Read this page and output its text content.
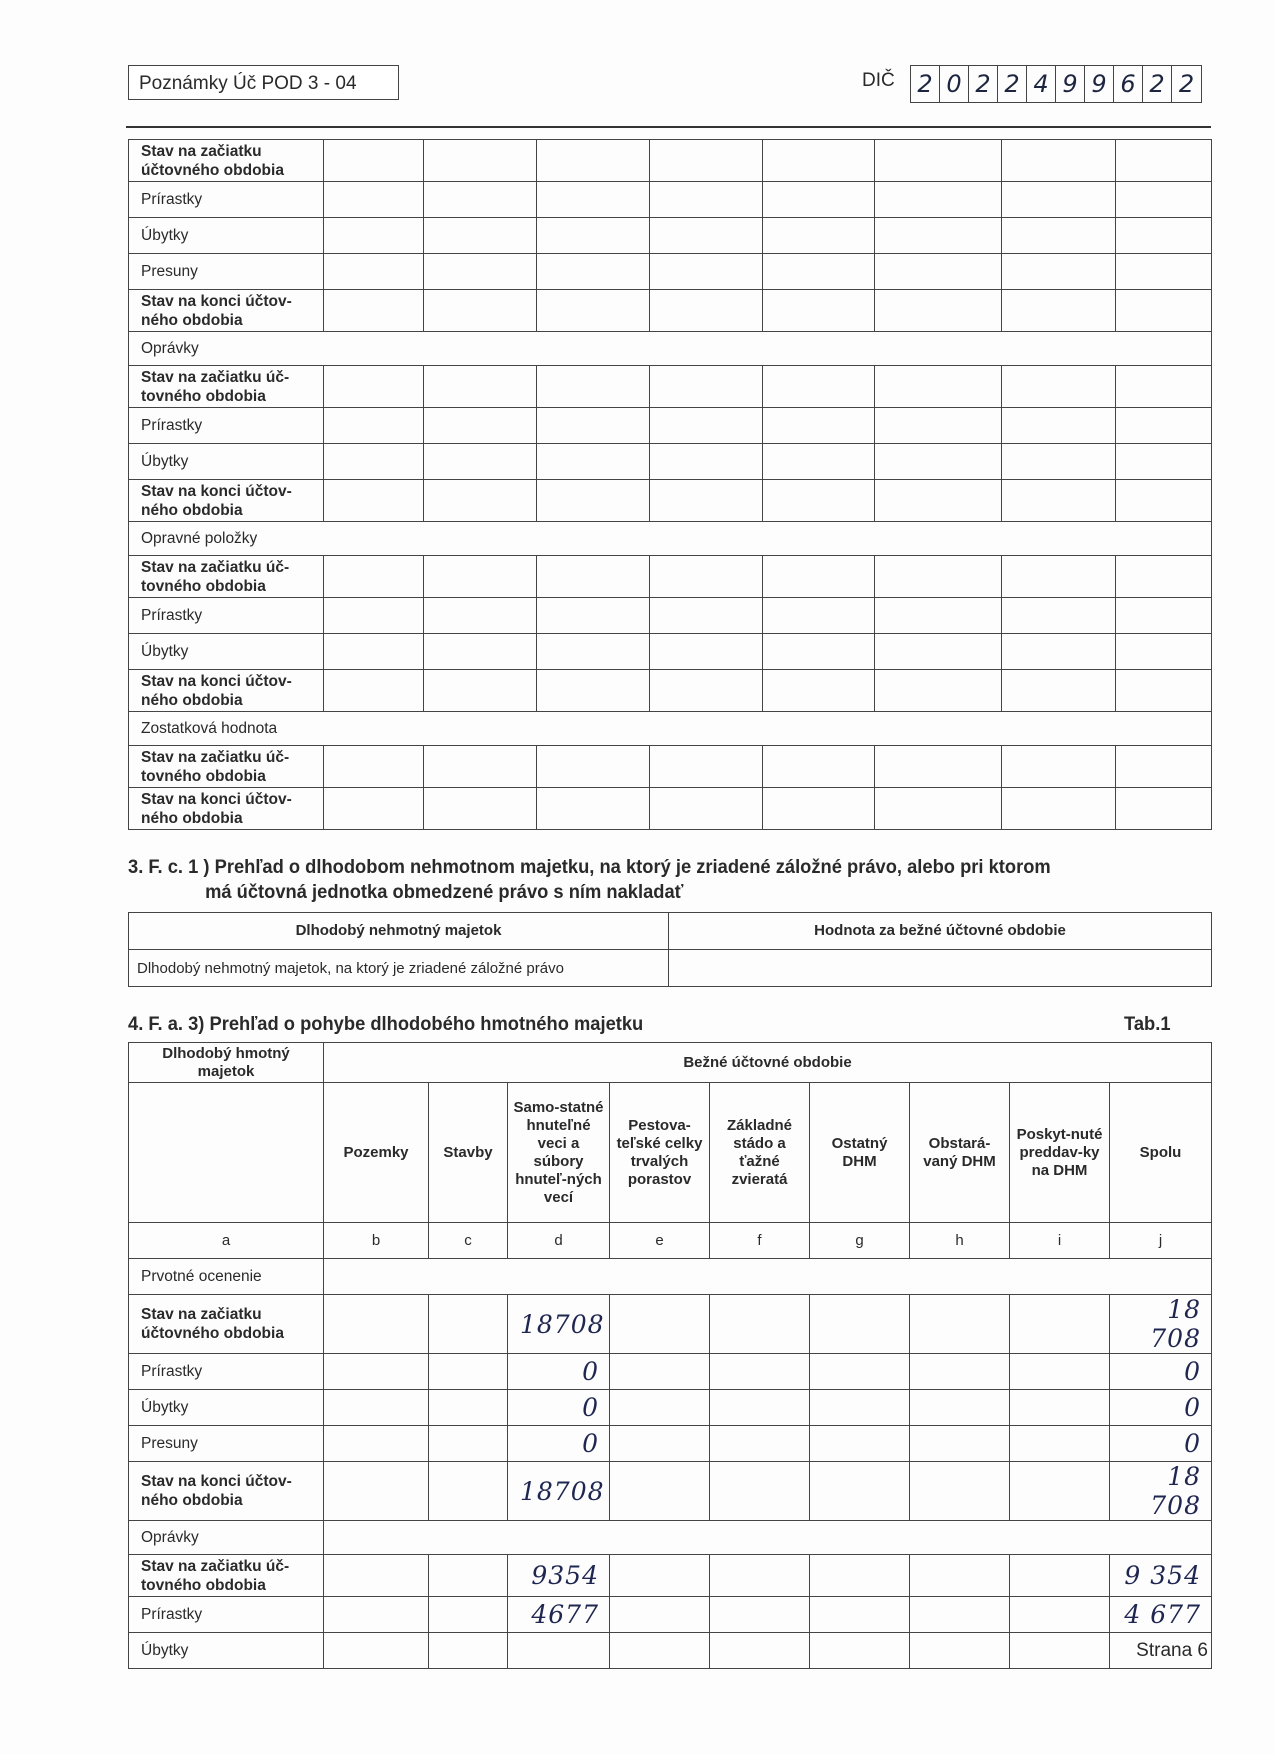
Poznámky Úč POD 3 - 04	DIČ 2 0 2 2 4 9 9 6 2 2
Stav na začiatku účtovného obdobia								
Prírastky								
Úbytky								
Presuny								
Stav na konci účtov-ného obdobia								
Oprávky								
Stav na začiatku úč-tovného obdobia								
Prírastky								
Úbytky								
Stav na konci účtov-ného obdobia								
Opravné položky								
Stav na začiatku úč-tovného obdobia								
Prírastky								
Úbytky								
Stav na konci účtov-ného obdobia								
Zostatková hodnota								
Stav na začiatku úč-tovného obdobia								
Stav na konci účtov-ného obdobia								
3. F. c. 1 ) Prehľad o dlhodobom nehmotnom majetku, na ktorý je zriadené záložné právo, alebo pri ktorom
má účtovná jednotka obmedzené právo s ním nakladať
Dlhodobý nehmotný majetok	Hodnota za bežné účtovné obdobie
Dlhodobý nehmotný majetok, na ktorý je zriadené záložné právo	
4. F. a. 3) Prehľad o pohybe dlhodobého hmotného majetku	Tab.1
Dlhodobý hmotný majetok	Bežné účtovné obdobie								
	Pozemky	Stavby	Samo-statné hnuteľné veci a súbory hnuteľ-ných vecí	Pestova-teľské celky trvalých porastov	Základné stádo a ťažné zvieratá	Ostatný DHM	Obstará-vaný DHM	Poskyt-nuté preddav-ky na DHM	Spolu
a	b	c	d	e	f	g	h	i	j
Prvotné ocenenie									
Stav na začiatku účtovného obdobia			18708						18 708
Prírastky			0						0
Úbytky			0						0
Presuny			0						0
Stav na konci účtov-ného obdobia			18708						18 708
Oprávky									
Stav na začiatku úč-tovného obdobia			9354						9 354
Prírastky			4677						4 677
Úbytky										Strana 6
